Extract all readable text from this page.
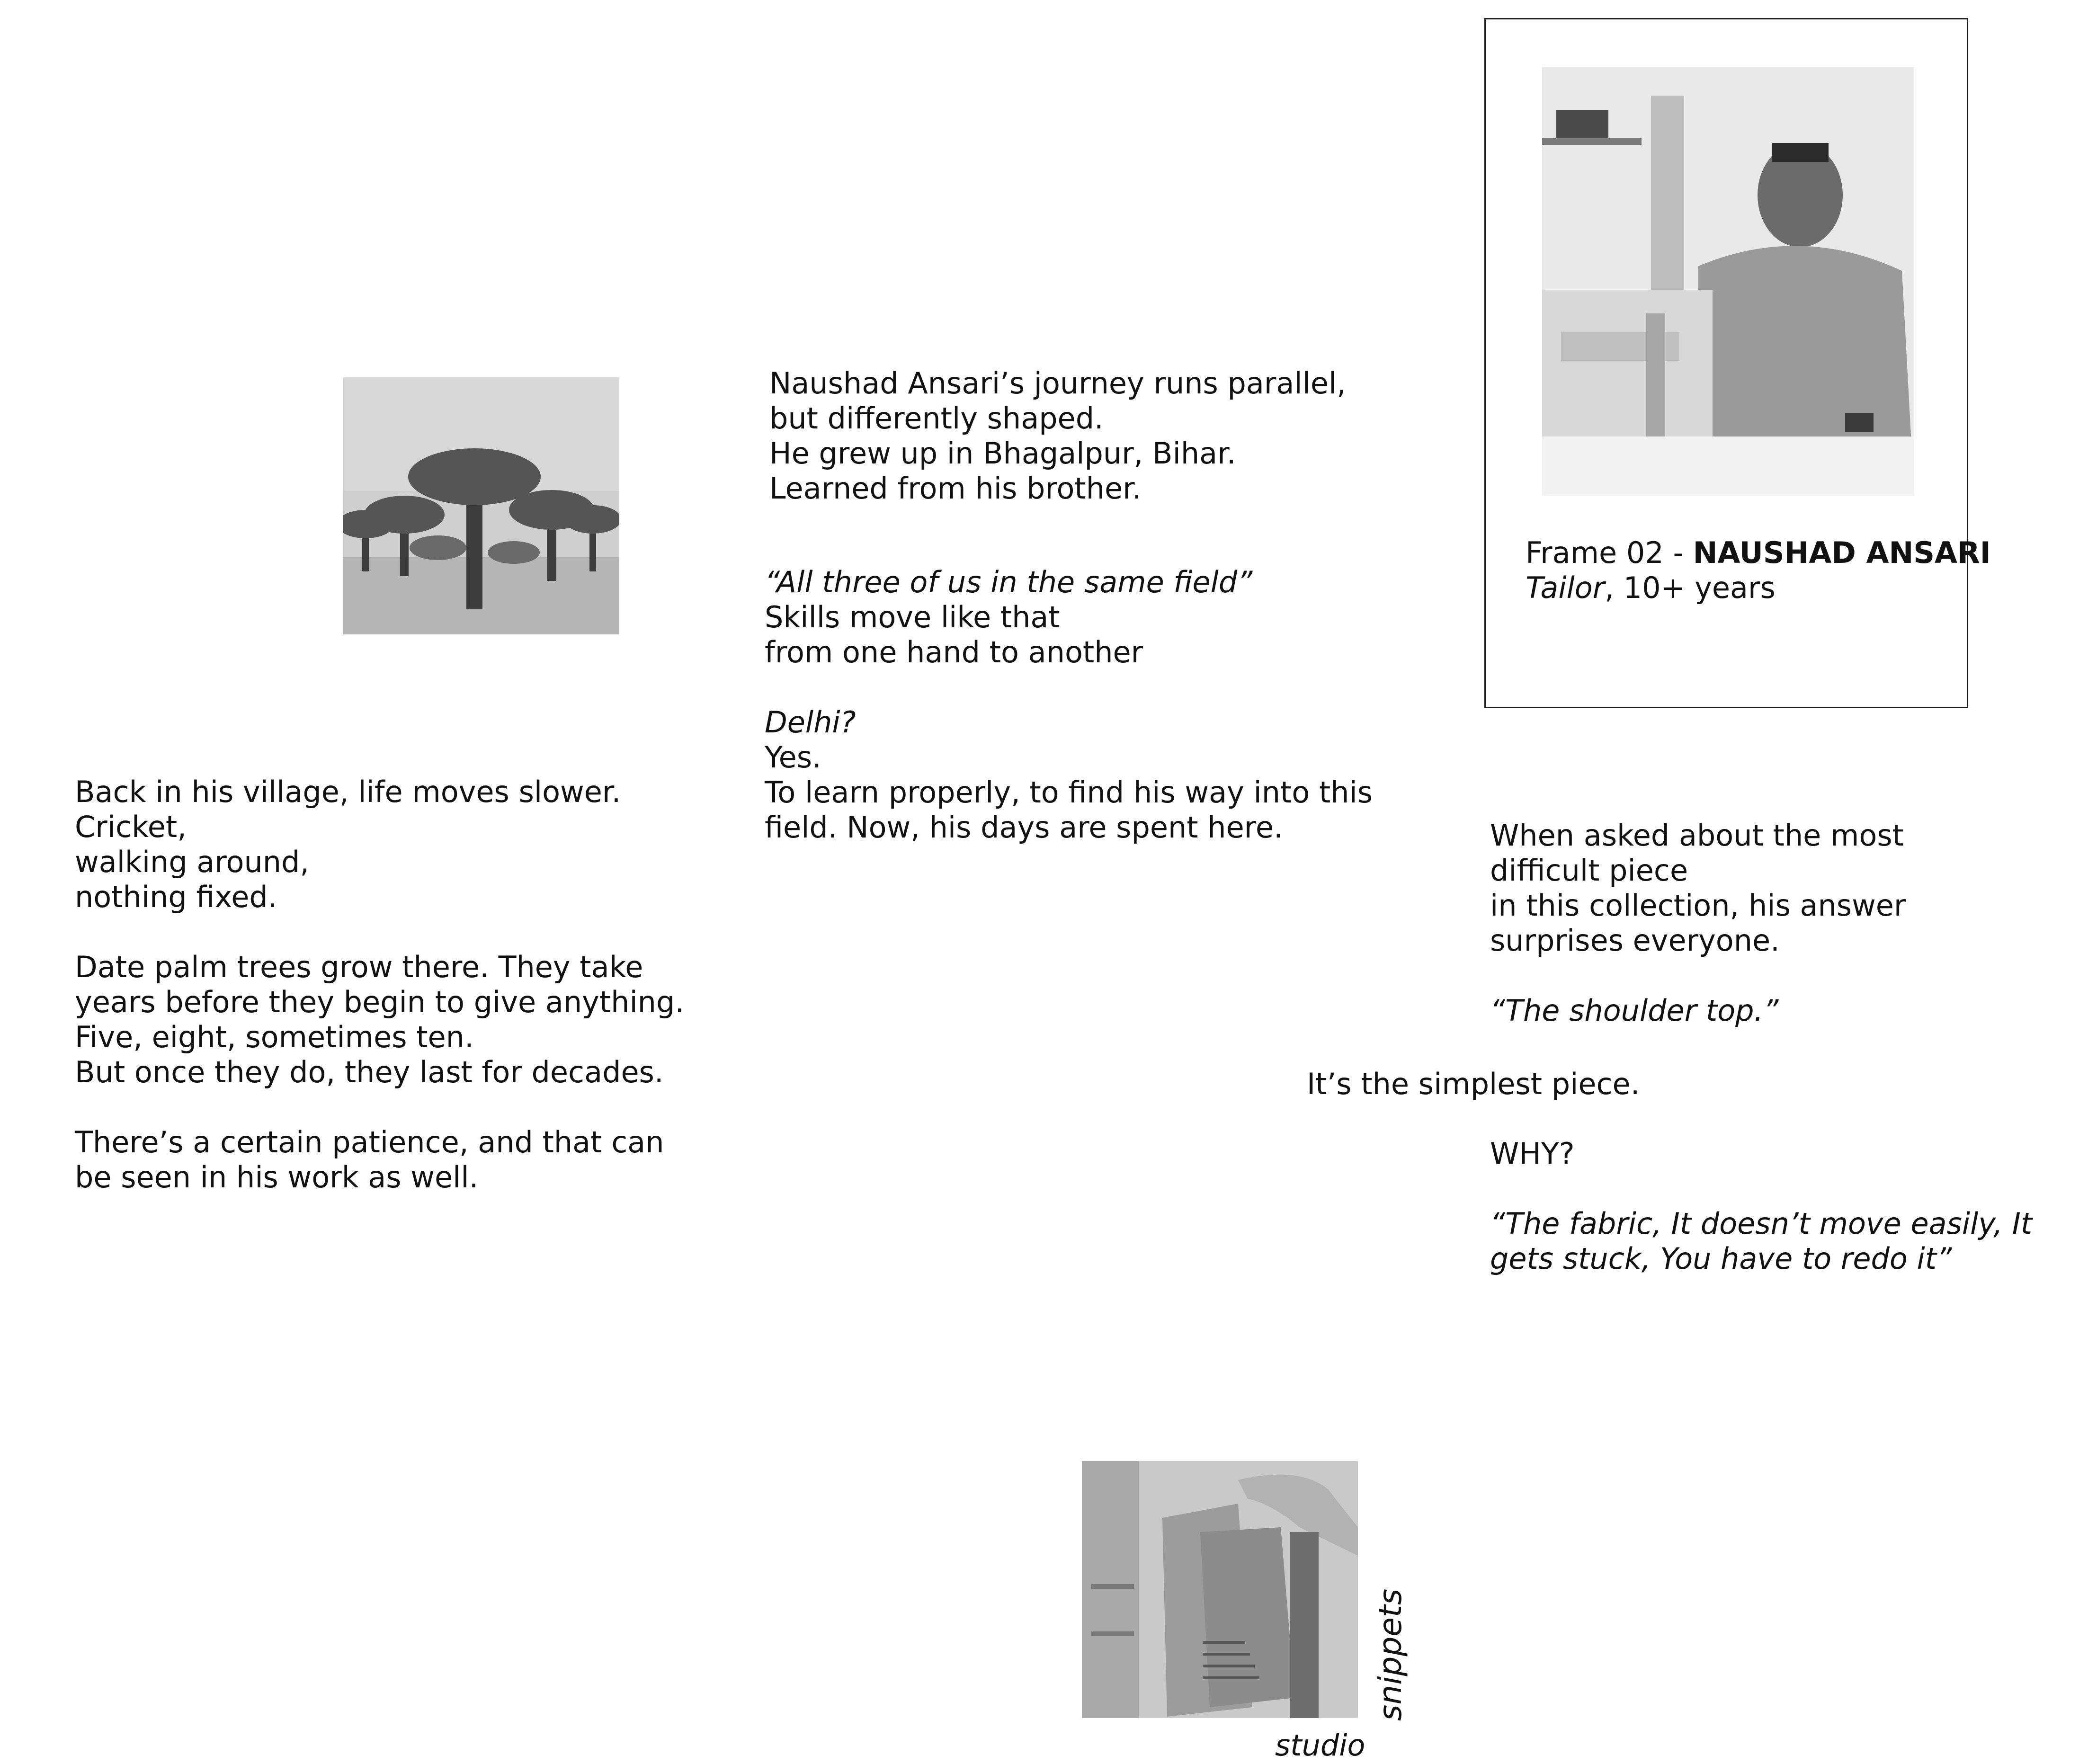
Back in his village, life moves slower.
Cricket,
walking around,
nothing fixed.

Date palm trees grow there. They take
years before they begin to give anything.
Five, eight, sometimes ten.
But once they do, they last for decades.

There’s a certain patience, and that can
be seen in his work as well.

Naushad Ansari’s journey runs parallel,
but differently shaped.
He grew up in Bhagalpur, Bihar.
Learned from his brother.

“All three of us in the same field”

Skills move like that
from one hand to another

Delhi?

Yes.
To learn properly, to find his way into this
field. Now, his days are spent here.

Frame 02 - NAUSHAD ANSARI

Tailor, 10+ years

When asked about the most
difficult piece
in this collection, his answer
surprises everyone.

“The shoulder top.”

It’s the simplest piece.

WHY?

“The fabric, It doesn’t move easily, It
gets stuck, You have to redo it”

snippets

studio
